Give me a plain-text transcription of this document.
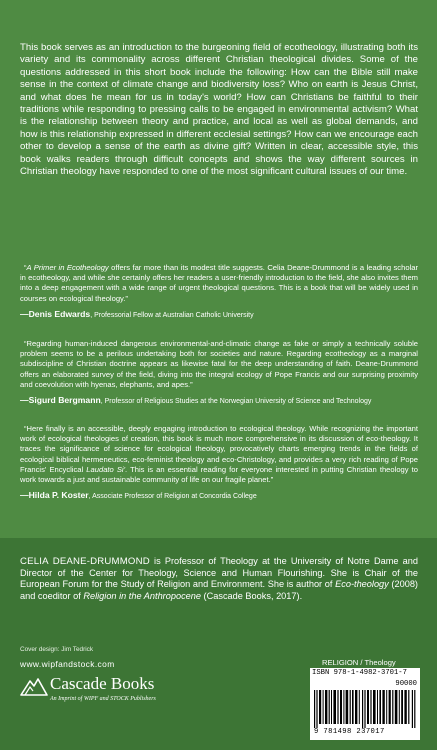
This book serves as an introduction to the burgeoning field of ecotheology, illustrating both its variety and its commonality across different Christian theological divides. Some of the questions addressed in this short book include the following: How can the Bible still make sense in the context of climate change and biodiversity loss? Who on earth is Jesus Christ, and what does he mean for us in today's world? How can Christians be faithful to their traditions while responding to pressing calls to be engaged in environmental activism? What is the relationship between theory and practice, and local as well as global demands, and how is this relationship expressed in different ecclesial settings? How can we encourage each other to develop a sense of the earth as divine gift? Written in clear, accessible style, this book walks readers through difficult concepts and shows the way different sources in Christian theology have responded to one of the most significant cultural issues of our time.
“A Primer in Ecotheology offers far more than its modest title suggests. Celia Deane-Drummond is a leading scholar in ecotheology, and while she certainly offers her readers a user-friendly introduction to the field, she also invites them into a deep engagement with a wide range of urgent theological questions. This is a book that will be widely used in courses on ecological theology.”
—Denis Edwards, Professorial Fellow at Australian Catholic University
“Regarding human-induced dangerous environmental-and-climatic change as fake or simply a technically soluble problem seems to be a perilous undertaking both for societies and nature. Regarding ecotheology as a marginal subdiscipline of Christian doctrine appears as likewise fatal for the deep understanding of faith. Deane-Drummond offers an elaborated survey of the field, diving into the integral ecology of Pope Francis and our surprising proximity and coevolution with hyenas, elephants, and apes.”
—Sigurd Bergmann, Professor of Religious Studies at the Norwegian University of Science and Technology
“Here finally is an accessible, deeply engaging introduction to ecological theology. While recognizing the important work of ecological theologies of creation, this book is much more comprehensive in its discussion of eco-theology. It traces the significance of science for ecological theology, provocatively charts emerging trends in the fields of ecological biblical hermeneutics, eco-feminist theology and eco-Christology, and provides a very rich reading of Pope Francis' Encyclical Laudato Si'. This is an essential reading for everyone interested in putting Christian theology to work towards a just and sustainable community of life on our fragile planet.”
—Hilda P. Koster, Associate Professor of Religion at Concordia College
CELIA DEANE-DRUMMOND is Professor of Theology at the University of Notre Dame and Director of the Center for Theology, Science and Human Flourishing. She is Chair of the European Forum for the Study of Religion and Environment. She is author of Eco-theology (2008) and coeditor of Religion in the Anthropocene (Cascade Books, 2017).
Cover design: Jim Tedrick
www.wipfandstock.com
Cascade Books
An Imprint of WIPF and STOCK Publishers
RELIGION / Theology
ISBN 978-1-4982-3701-7
90000
9 781498 237017
